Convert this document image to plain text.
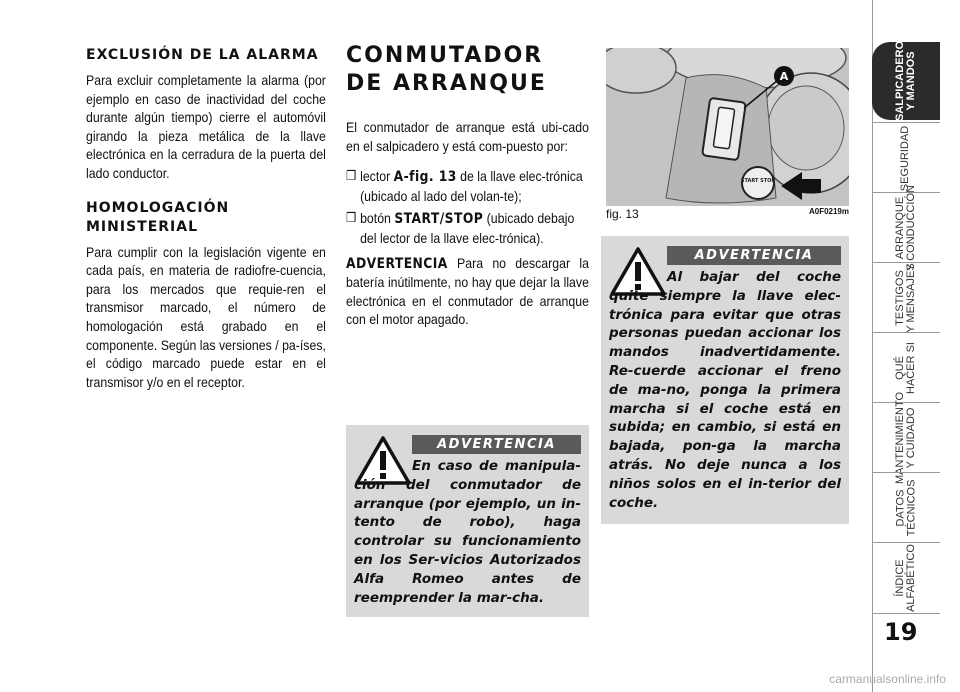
EXCLUSIÓN DE LA ALARMA
Para excluir completamente la alarma (por ejemplo en caso de inactividad del coche durante algún tiempo) cierre el automóvil girando la pieza metálica de la llave electrónica en la cerradura de la puerta del lado conductor.
HOMOLOGACIÓN MINISTERIAL
Para cumplir con la legislación vigente en cada país, en materia de radiofre-cuencia, para los mercados que requie-ren el transmisor marcado, el número de homologación está grabado en el componente. Según las versiones / pa-íses, el código marcado puede estar en el transmisor y/o en el receptor.
CONMUTADOR
DE ARRANQUE
El conmutador de arranque está ubi-cado en el salpicadero y está com-puesto por:
❒ lector A-fig. 13 de la llave elec-trónica (ubicado al lado del volan-te);
❒ botón START/STOP (ubicado debajo del lector de la llave elec-trónica).
ADVERTENCIA Para no descargar la batería inútilmente, no hay que dejar la llave electrónica en el conmutador de arranque con el motor apagado.
ADVERTENCIA
En caso de manipula-ción del conmutador de arranque (por ejemplo, un in-tento de robo), haga controlar su funcionamiento en los Ser-vicios Autorizados Alfa Romeo antes de reemprender la mar-cha.
A
START STOP
fig. 13	A0F0219m
ADVERTENCIA
Al bajar del coche quite siempre la llave elec-trónica para evitar que otras personas puedan accionar los mandos inadvertidamente. Re-cuerde accionar el freno de ma-no, ponga la primera marcha si el coche está en subida; en cambio, si está en bajada, pon-ga la marcha atrás. No deje nunca a los niños solos en el in-terior del coche.
SALPICADERO
Y MANDOS
SEGURIDAD
ARRANQUE
Y CONDUCCIÓN
TESTIGOS
Y MENSAJES
QUÉ
HACER SI
MANTENIMIENTO
Y CUIDADO
DATOS
TÉCNICOS
ÍNDICE
ALFABÉTICO
19
carmanualsonline.info
